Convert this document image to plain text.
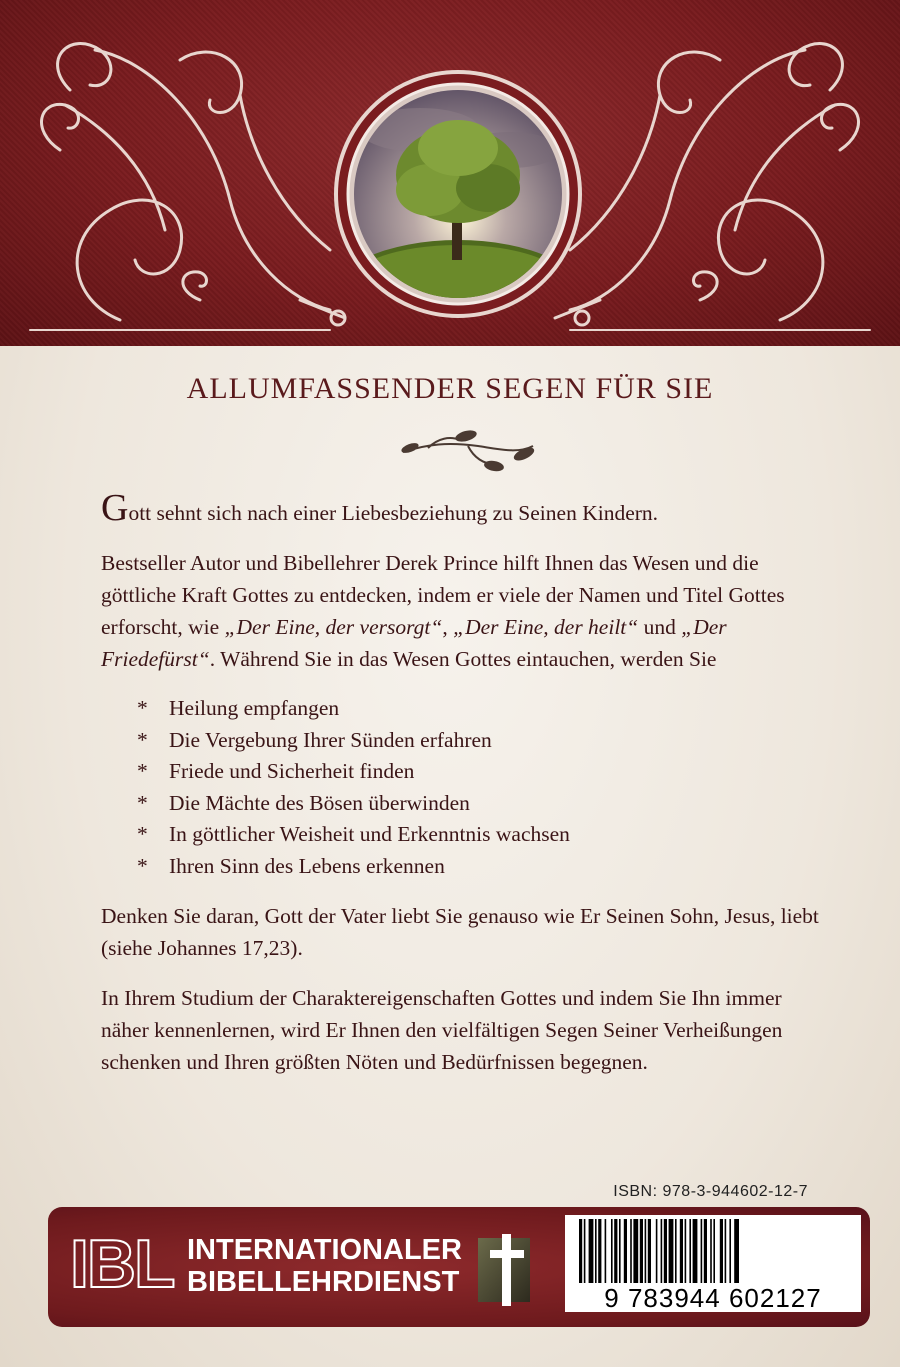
ALLUMFASSENDER SEGEN FÜR SIE

Gott sehnt sich nach einer Liebesbeziehung zu Seinen Kindern.

Bestseller Autor und Bibellehrer Derek Prince hilft Ihnen das Wesen und die göttliche Kraft Gottes zu entdecken, indem er viele der Namen und Titel Gottes erforscht, wie „Der Eine, der versorgt“, „Der Eine, der heilt“ und „Der Friedefürst“. Während Sie in das Wesen Gottes eintauchen, werden Sie

* Heilung empfangen
* Die Vergebung Ihrer Sünden erfahren
* Friede und Sicherheit finden
* Die Mächte des Bösen überwinden
* In göttlicher Weisheit und Erkenntnis wachsen
* Ihren Sinn des Lebens erkennen

Denken Sie daran, Gott der Vater liebt Sie genauso wie Er Seinen Sohn, Jesus, liebt (siehe Johannes 17,23).

In Ihrem Studium der Charaktereigenschaften Gottes und indem Sie Ihn immer näher kennenlernen, wird Er Ihnen den vielfältigen Segen Seiner Verheißungen schenken und Ihren größten Nöten und Bedürfnissen begegnen.

ISBN: 978-3-944602-12-7
IBL INTERNATIONALER
BIBELLEHRDIENST	9 783944 602127
